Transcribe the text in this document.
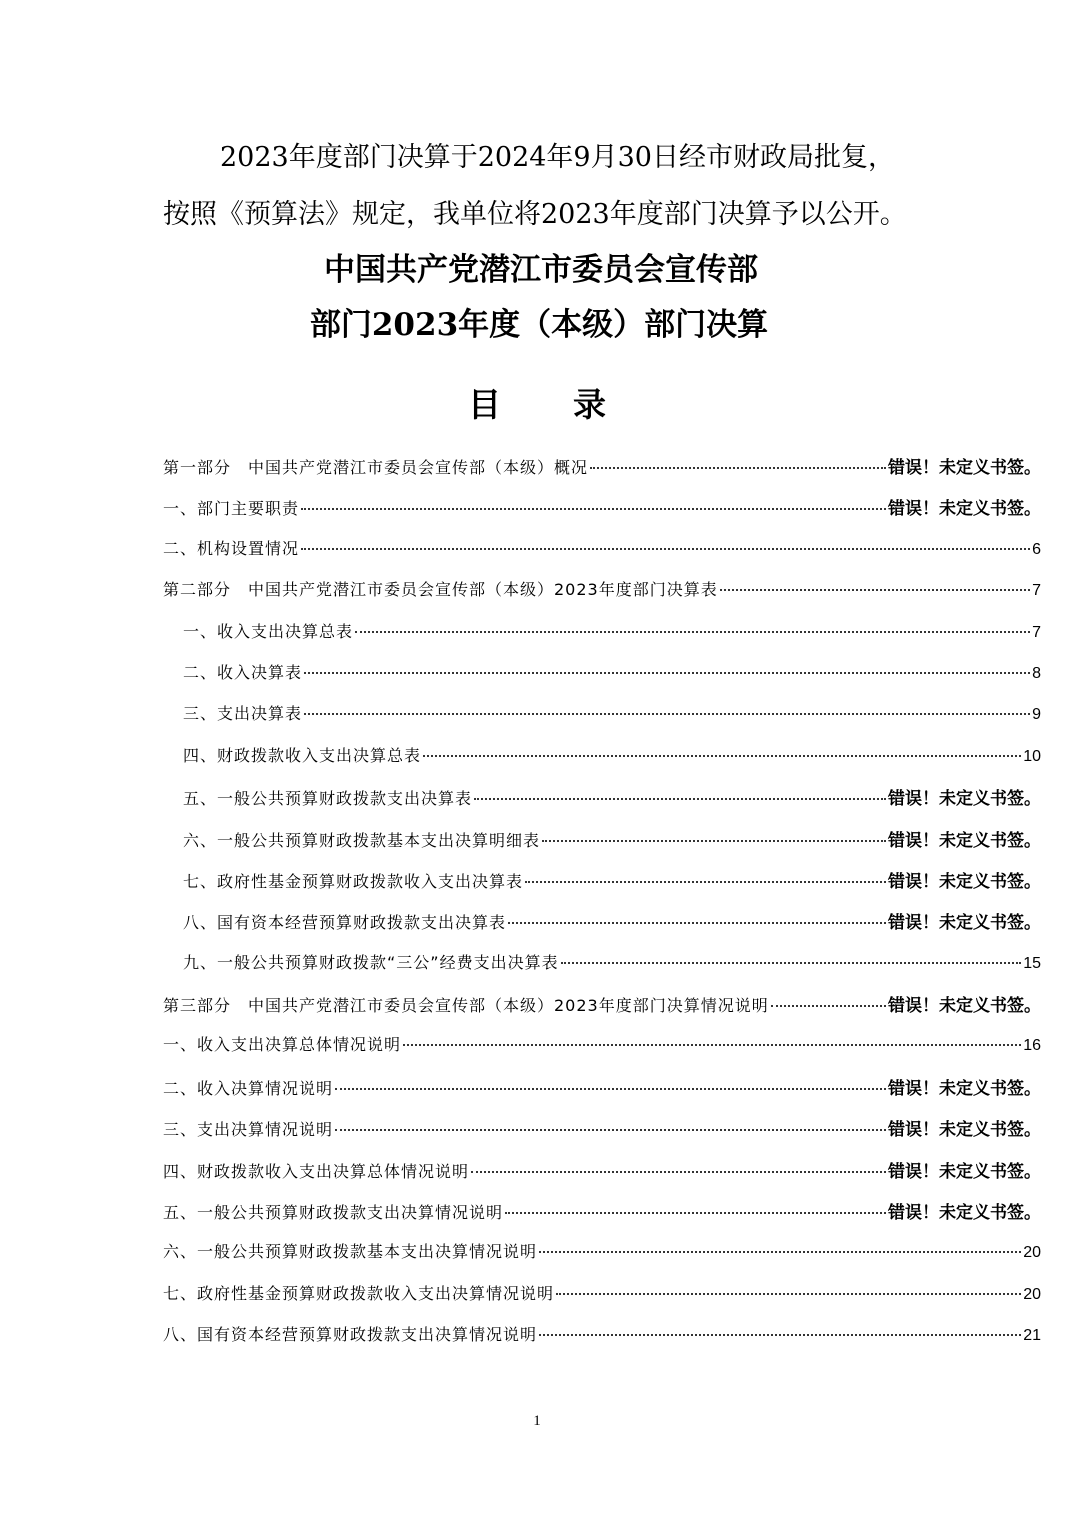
2023年度部门决算于2024年9月30日经市财政局批复，
按照《预算法》规定，我单位将2023年度部门决算予以公开。
中国共产党潜江市委员会宣传部
部门2023年度（本级）部门决算
目录
第一部分　中国共产党潜江市委员会宣传部（本级）概况	错误！未定义书签。
一、部门主要职责	错误！未定义书签。
二、机构设置情况	6
第二部分　中国共产党潜江市委员会宣传部（本级）2023年度部门决算表	7
一、收入支出决算总表	7
二、收入决算表	8
三、支出决算表	9
四、财政拨款收入支出决算总表	10
五、一般公共预算财政拨款支出决算表	错误！未定义书签。
六、一般公共预算财政拨款基本支出决算明细表	错误！未定义书签。
七、政府性基金预算财政拨款收入支出决算表	错误！未定义书签。
八、国有资本经营预算财政拨款支出决算表	错误！未定义书签。
九、一般公共预算财政拨款“三公”经费支出决算表	15
第三部分　中国共产党潜江市委员会宣传部（本级）2023年度部门决算情况说明	错误！未定义书签。
一、收入支出决算总体情况说明	16
二、收入决算情况说明	错误！未定义书签。
三、支出决算情况说明	错误！未定义书签。
四、财政拨款收入支出决算总体情况说明	错误！未定义书签。
五、一般公共预算财政拨款支出决算情况说明	错误！未定义书签。
六、一般公共预算财政拨款基本支出决算情况说明	20
七、政府性基金预算财政拨款收入支出决算情况说明	20
八、国有资本经营预算财政拨款支出决算情况说明	21
1
